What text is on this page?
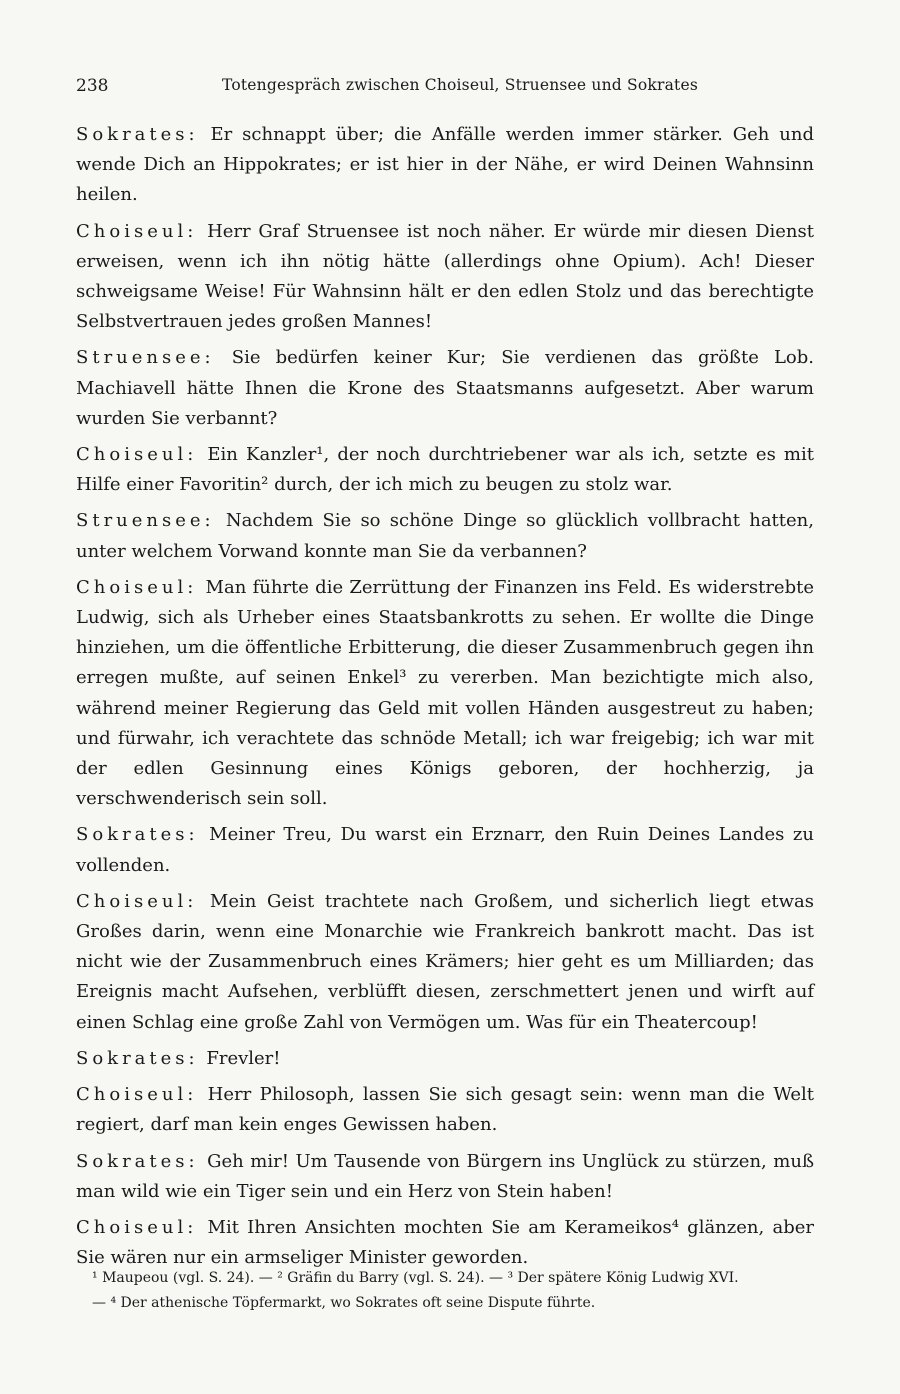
238	Totengespräch zwischen Choiseul, Struensee und Sokrates

Sokrates: Er schnappt über; die Anfälle werden immer stärker. Geh und wende Dich an Hippokrates; er ist hier in der Nähe, er wird Deinen Wahnsinn heilen.

Choiseul: Herr Graf Struensee ist noch näher. Er würde mir diesen Dienst erweisen, wenn ich ihn nötig hätte (allerdings ohne Opium). Ach! Dieser schweigsame Weise! Für Wahnsinn hält er den edlen Stolz und das berechtigte Selbstvertrauen jedes großen Mannes!

Struensee: Sie bedürfen keiner Kur; Sie verdienen das größte Lob. Machiavell hätte Ihnen die Krone des Staatsmanns aufgesetzt. Aber warum wurden Sie verbannt?

Choiseul: Ein Kanzler¹, der noch durchtriebener war als ich, setzte es mit Hilfe einer Favoritin² durch, der ich mich zu beugen zu stolz war.

Struensee: Nachdem Sie so schöne Dinge so glücklich vollbracht hatten, unter welchem Vorwand konnte man Sie da verbannen?

Choiseul: Man führte die Zerrüttung der Finanzen ins Feld. Es widerstrebte Ludwig, sich als Urheber eines Staatsbankrotts zu sehen. Er wollte die Dinge hinziehen, um die öffentliche Erbitterung, die dieser Zusammenbruch gegen ihn erregen mußte, auf seinen Enkel³ zu vererben. Man bezichtigte mich also, während meiner Regierung das Geld mit vollen Händen ausgestreut zu haben; und fürwahr, ich verachtete das schnöde Metall; ich war freigebig; ich war mit der edlen Gesinnung eines Königs geboren, der hochherzig, ja verschwenderisch sein soll.

Sokrates: Meiner Treu, Du warst ein Erznarr, den Ruin Deines Landes zu vollenden.

Choiseul: Mein Geist trachtete nach Großem, und sicherlich liegt etwas Großes darin, wenn eine Monarchie wie Frankreich bankrott macht. Das ist nicht wie der Zusammenbruch eines Krämers; hier geht es um Milliarden; das Ereignis macht Aufsehen, verblüfft diesen, zerschmettert jenen und wirft auf einen Schlag eine große Zahl von Vermögen um. Was für ein Theatercoup!

Sokrates: Frevler!

Choiseul: Herr Philosoph, lassen Sie sich gesagt sein: wenn man die Welt regiert, darf man kein enges Gewissen haben.

Sokrates: Geh mir! Um Tausende von Bürgern ins Unglück zu stürzen, muß man wild wie ein Tiger sein und ein Herz von Stein haben!

Choiseul: Mit Ihren Ansichten mochten Sie am Kerameikos⁴ glänzen, aber Sie wären nur ein armseliger Minister geworden.

¹ Maupeou (vgl. S. 24). — ² Gräfin du Barry (vgl. S. 24). — ³ Der spätere König Ludwig XVI.

— ⁴ Der athenische Töpfermarkt, wo Sokrates oft seine Dispute führte.
